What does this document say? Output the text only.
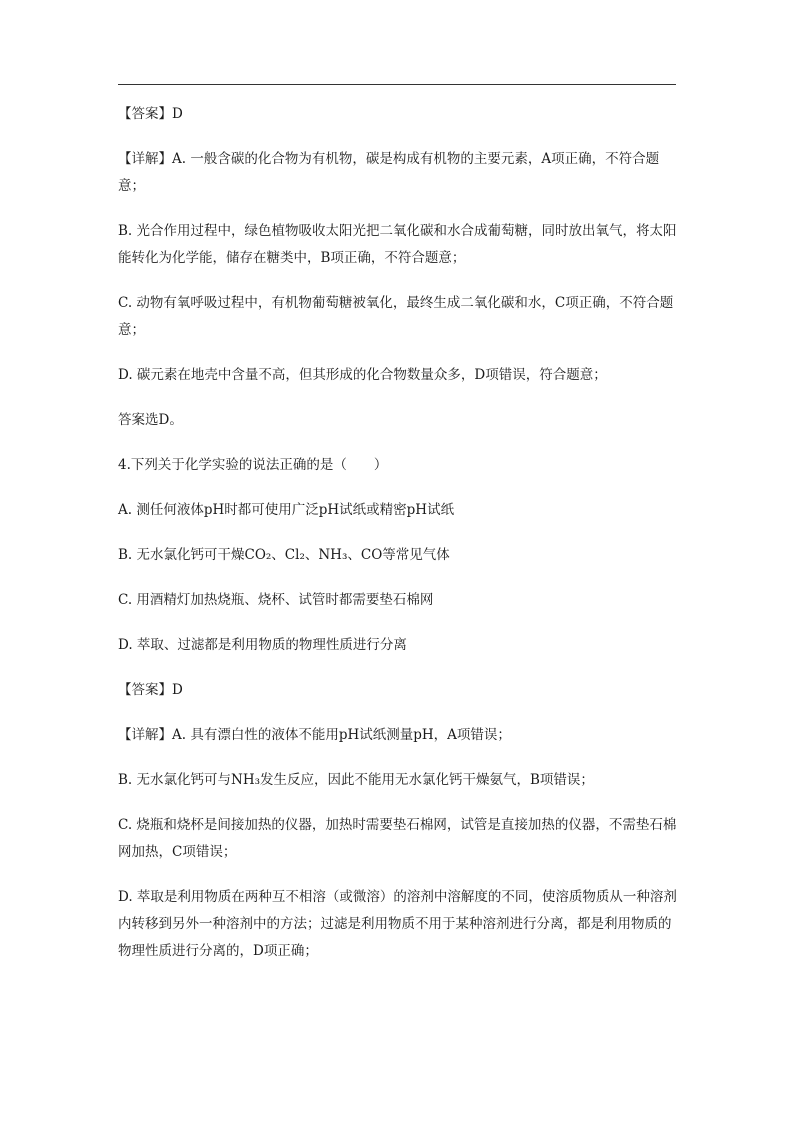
【答案】D

【详解】A. 一般含碳的化合物为有机物，碳是构成有机物的主要元素，A项正确，不符合题意；

B. 光合作用过程中，绿色植物吸收太阳光把二氧化碳和水合成葡萄糖，同时放出氧气，将太阳能转化为化学能，储存在糖类中，B项正确，不符合题意；

C. 动物有氧呼吸过程中，有机物葡萄糖被氧化，最终生成二氧化碳和水，C项正确，不符合题意；

D. 碳元素在地壳中含量不高，但其形成的化合物数量众多，D项错误，符合题意；

答案选D。

4.下列关于化学实验的说法正确的是（　　）

A. 测任何液体pH时都可使用广泛pH试纸或精密pH试纸

B. 无水氯化钙可干燥CO₂、Cl₂、NH₃、CO等常见气体

C. 用酒精灯加热烧瓶、烧杯、试管时都需要垫石棉网

D. 萃取、过滤都是利用物质的物理性质进行分离

【答案】D

【详解】A. 具有漂白性的液体不能用pH试纸测量pH，A项错误；

B. 无水氯化钙可与NH₃发生反应，因此不能用无水氯化钙干燥氨气，B项错误；

C. 烧瓶和烧杯是间接加热的仪器，加热时需要垫石棉网，试管是直接加热的仪器，不需垫石棉网加热，C项错误；

D. 萃取是利用物质在两种互不相溶（或微溶）的溶剂中溶解度的不同，使溶质物质从一种溶剂内转移到另外一种溶剂中的方法；过滤是利用物质不用于某种溶剂进行分离，都是利用物质的物理性质进行分离的，D项正确；
